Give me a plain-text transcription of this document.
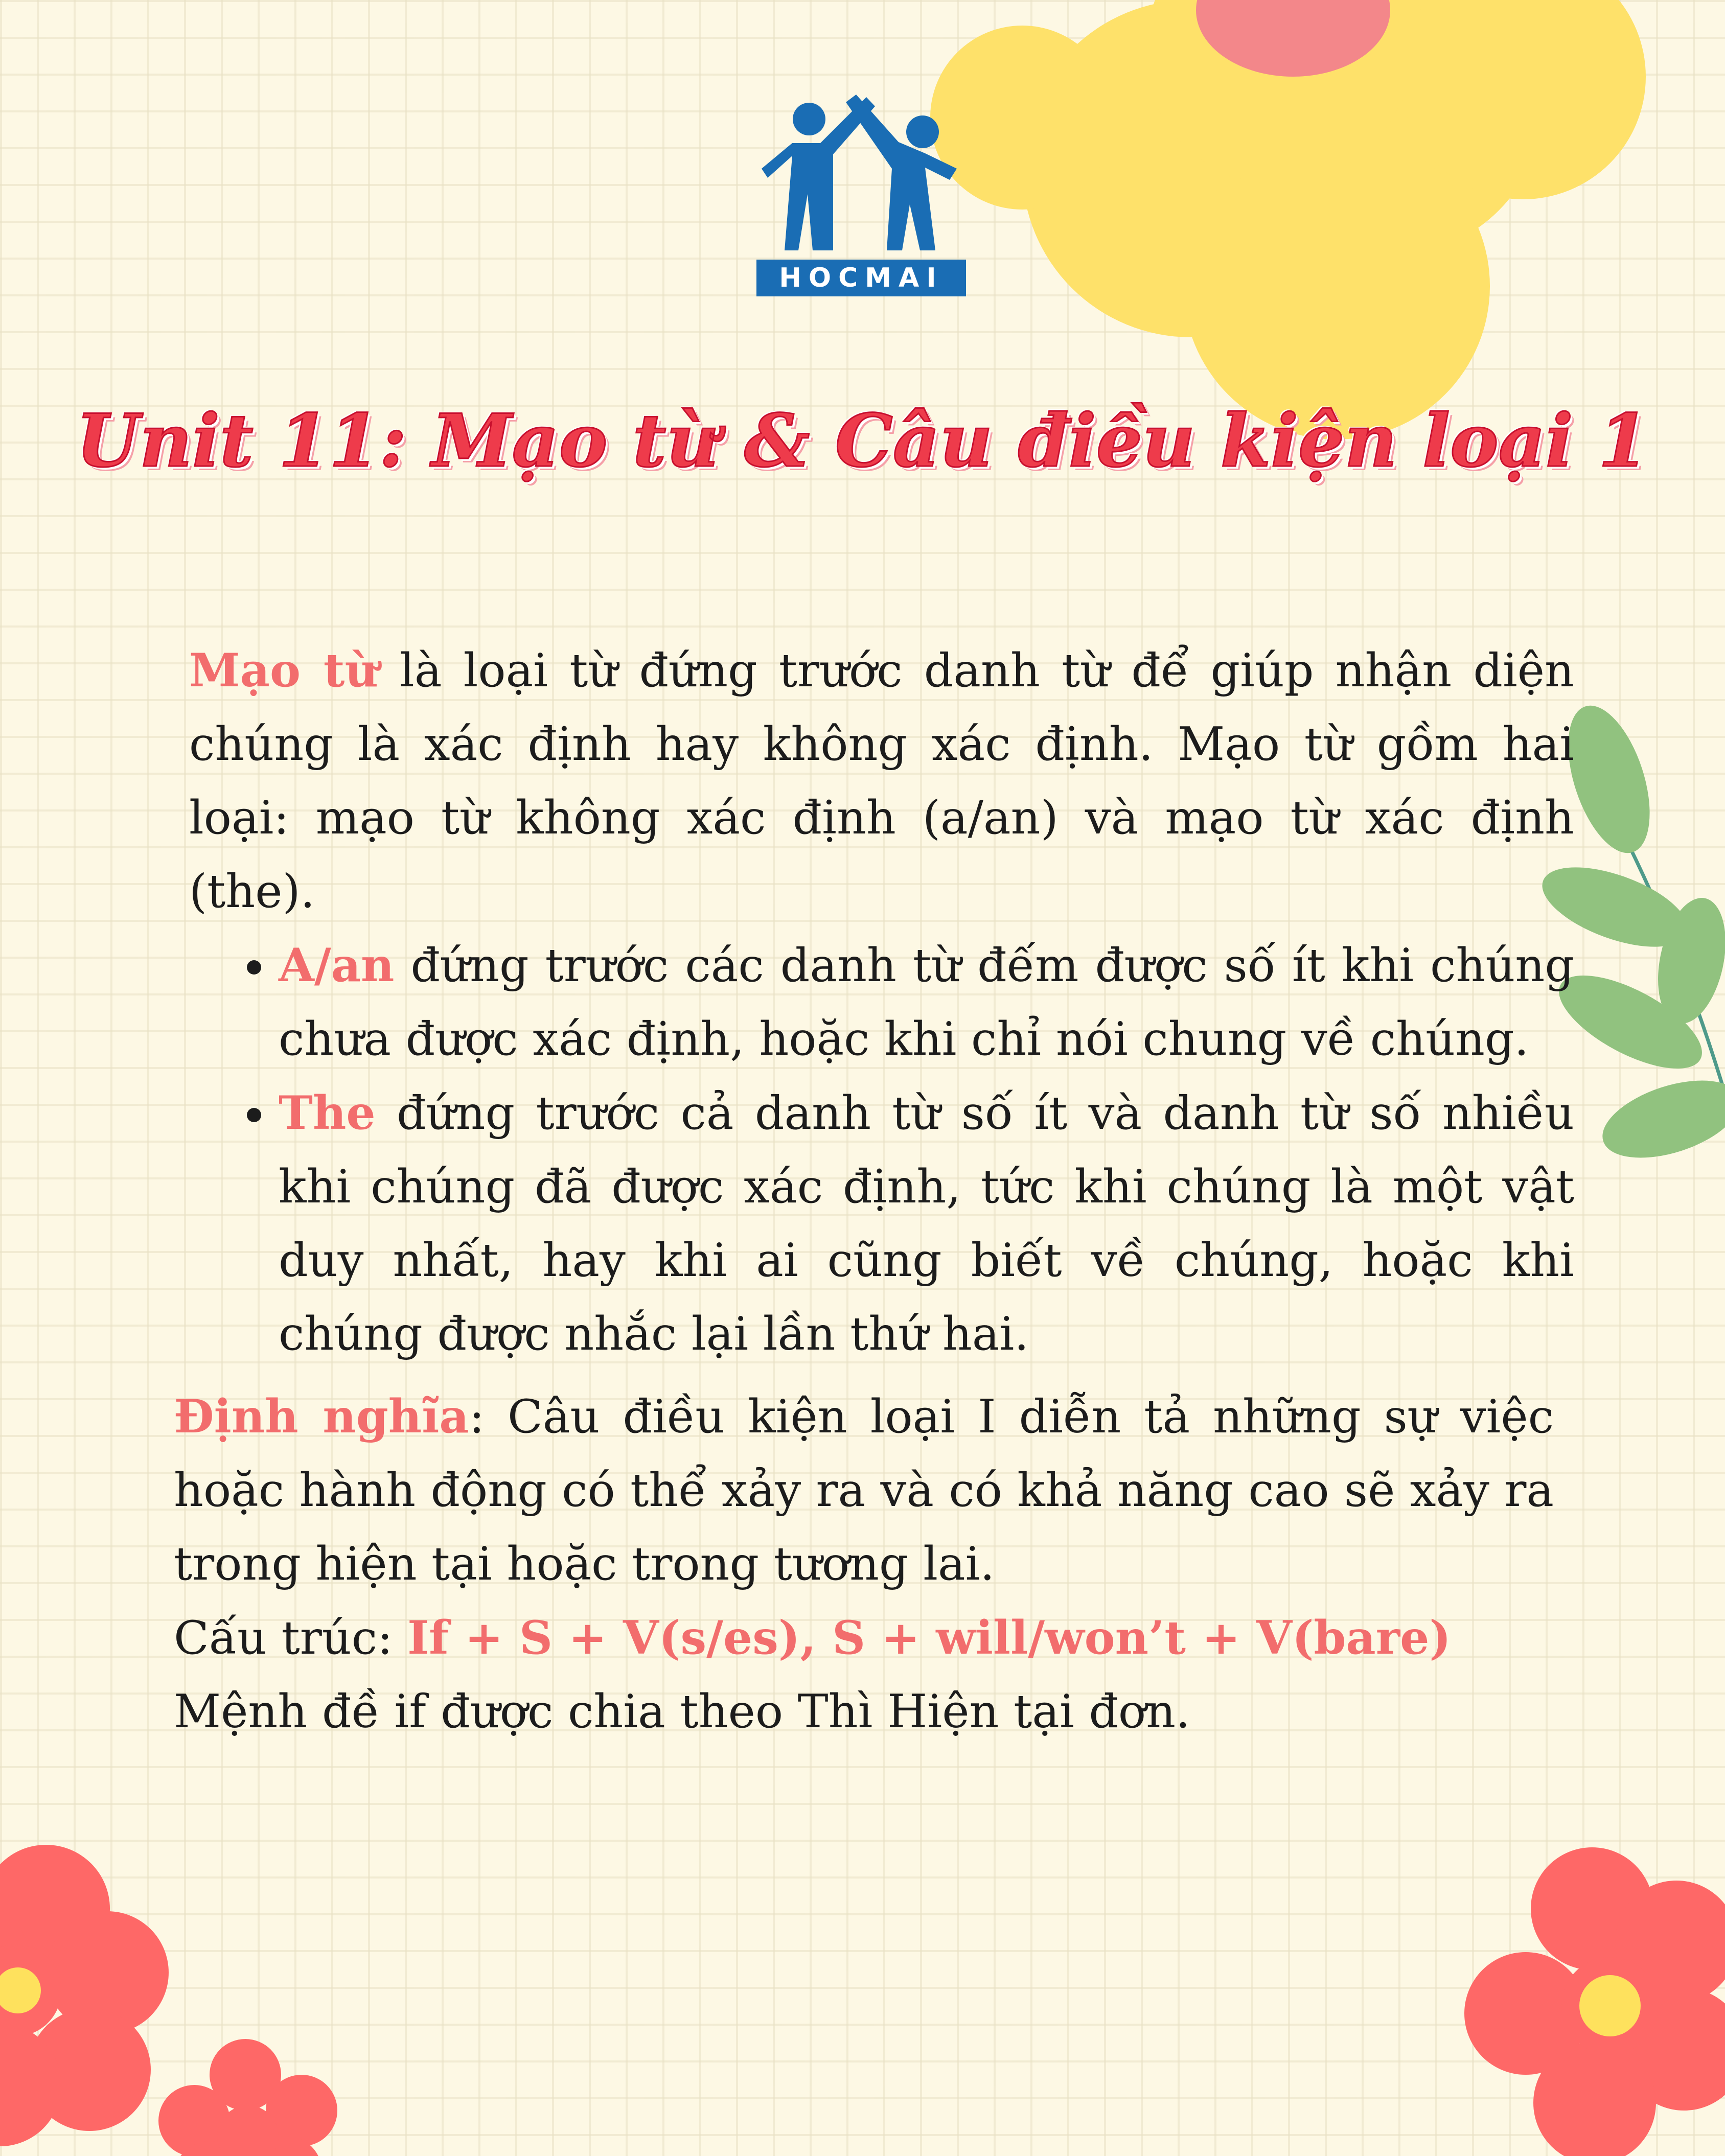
HOCMAI
Unit 11: Mạo từ & Câu điều kiện loại 1

Mạo từ là loại từ đứng trước danh từ để giúp nhận diện chúng là xác định hay không xác định. Mạo từ gồm hai loại: mạo từ không xác định (a/an) và mạo từ xác định (the).

• A/an đứng trước các danh từ đếm được số ít khi chúng chưa được xác định, hoặc khi chỉ nói chung về chúng.
• The đứng trước cả danh từ số ít và danh từ số nhiều khi chúng đã được xác định, tức khi chúng là một vật duy nhất, hay khi ai cũng biết về chúng, hoặc khi chúng được nhắc lại lần thứ hai.

Định nghĩa: Câu điều kiện loại I diễn tả những sự việc hoặc hành động có thể xảy ra và có khả năng cao sẽ xảy ra trong hiện tại hoặc trong tương lai.

Cấu trúc: If + S + V(s/es), S + will/won’t + V(bare)

Mệnh đề if được chia theo Thì Hiện tại đơn.
